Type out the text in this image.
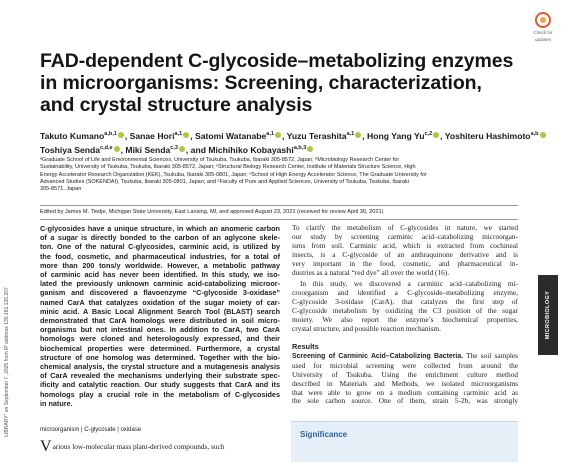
Check for
updates
FAD-dependent C-glycoside–metabolizing enzymes
in microorganisms: Screening, characterization,
and crystal structure analysis
Takuto Kumano$^{a,b,1}$ , Sanae Hori$^{a,1}$ , Satomi Watanabe$^{a,1}$ , Yuzu Terashita$^{a,1}$ , Hong Yang Yu$^{c,2}$ , Yoshiteru Hashimoto$^{a,b}$
Toshiya Senda$^{c,d,e}$ , Miki Senda$^{c,3}$ , and Michihiko Kobayashi$^{a,b,3}$
ᵃGraduate School of Life and Environmental Sciences, University of Tsukuba, Tsukuba, Ibaraki 305-8572, Japan; ᵇMicrobiology Research Center for
Sustainability, University of Tsukuba, Tsukuba, Ibaraki 305-8572, Japan; ᶜStructural Biology Research Center, Institute of Materials Structure Science, High
Energy Accelerator Research Organization (KEK), Tsukuba, Ibaraki 305-0801, Japan; ᵈSchool of High Energy Accelerator Science, The Graduate University for
Advanced Studies (SOKENDAI), Tsukuba, Ibaraki 305-0801, Japan; and ᵉFaculty of Pure and Applied Sciences, University of Tsukuba, Tsukuba, Ibaraki
305-8571, Japan
Edited by James M. Tiedje, Michigan State University, East Lansing, MI, and approved August 23, 2021 (received for review April 30, 2021)
C-glycosides have a unique structure, in which an anomeric carbon
of a sugar is directly bonded to the carbon of an aglycone skele-
ton. One of the natural C-glycosides, carminic acid, is utilized by
the food, cosmetic, and pharmaceutical industries, for a total of
more than 200 tons/y worldwide. However, a metabolic pathway
of carminic acid has never been identified. In this study, we iso-
lated the previously unknown carminic acid-catabolizing microor-
ganism and discovered a flavoenzyme “C-glycoside 3-oxidase”
named CarA that catalyzes oxidation of the sugar moiety of car-
minic acid. A Basic Local Alignment Search Tool (BLAST) search
demonstrated that CarA homologs were distributed in soil micro-
organisms but not intestinal ones. In addition to CarA, two CarA
homologs were cloned and heterologously expressed, and their
biochemical properties were determined. Furthermore, a crystal
structure of one homolog was determined. Together with the bio-
chemical analysis, the crystal structure and a mutagenesis analysis
of CarA revealed the mechanisms underlying their substrate spec-
ificity and catalytic reaction. Our study suggests that CarA and its
homologs play a crucial role in the metabolism of C-glycosides
in nature.
microorganism | C-glycoside | oxidase
Various low-molecular mass plant-derived compounds, such
To clarify the metabolism of C-glycosides in nature, we started
our study by screening carminic acid–catabolizing microorgan-
isms from soil. Carminic acid, which is extracted from cochineal
insects, is a C-glycoside of an anthraquinone derivative and is
very important in the food, cosmetic, and pharmaceutical in-
dustries as a natural “red dye” all over the world (16).
In this study, we discovered a carminic acid–catabolizing mi-
croorganism and identified a C-glycoside–metabolizing enzyme,
C-glycoside 3-oxidase (CarA), that catalyzes the first step of
C-glycoside metabolism by oxidizing the C3 position of the sugar
moiety. We also report the enzyme’s biochemical properties,
crystal structure, and possible reaction mechanism.
Results
Screening of Carminic Acid–Catabolizing Bacteria. The soil samples
used for microbial screening were collected from around the
University of Tsukuba. Using the enrichment culture method
described in Materials and Methods, we isolated microorganisms
that were able to grow on a medium containing carminic acid as
the sole carbon source. One of them, strain 5-2b, was strongly
Significance
MICROBIOLOGY
LIBRARY" on September 7, 2025 from IP address 135.181.126.207
